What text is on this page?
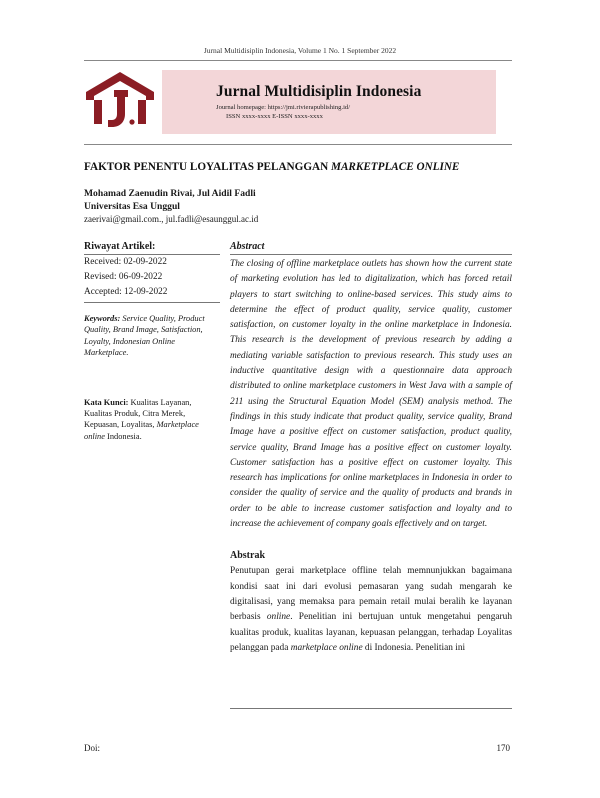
Jurnal Multidisiplin Indonesia, Volume 1 No. 1 September 2022
Jurnal Multidisiplin Indonesia
Journal homepage: https://jmi.rivierapublishing.id/
ISSN xxxx-xxxx E-ISSN xxxx-xxxx
FAKTOR PENENTU LOYALITAS PELANGGAN MARKETPLACE ONLINE
Mohamad Zaenudin Rivai, Jul Aidil Fadli
Universitas Esa Unggul
zaerivai@gmail.com., jul.fadli@esaunggul.ac.id
Riwayat Artikel:
Received: 02-09-2022
Revised: 06-09-2022
Accepted: 12-09-2022
Keywords: Service Quality, Product Quality, Brand Image, Satisfaction, Loyalty, Indonesian Online Marketplace.
Kata Kunci: Kualitas Layanan, Kualitas Produk, Citra Merek, Kepuasan, Loyalitas, Marketplace online Indonesia.
Abstract

The closing of offline marketplace outlets has shown how the current state of marketing evolution has led to digitalization, which has forced retail players to start switching to online-based services. This study aims to determine the effect of product quality, service quality, customer satisfaction, on customer loyalty in the online marketplace in Indonesia. This research is the development of previous research by adding a mediating variable satisfaction to previous research. This study uses an inductive quantitative design with a questionnaire data approach distributed to online marketplace customers in West Java with a sample of 211 using the Structural Equation Model (SEM) analysis method. The findings in this study indicate that product quality, service quality, Brand Image have a positive effect on customer satisfaction, product quality, service quality, Brand Image has a positive effect on customer loyalty. Customer satisfaction has a positive effect on customer loyalty. This research has implications for online marketplaces in Indonesia in order to consider the quality of service and the quality of products and brands in order to be able to increase customer satisfaction and loyalty and to increase the achievement of company goals effectively and on target.

Abstrak

Penutupan gerai marketplace offline telah memnunjukkan bagaimana kondisi saat ini dari evolusi pemasaran yang sudah mengarah ke digitalisasi, yang memaksa para pemain retail mulai beralih ke layanan berbasis online. Penelitian ini bertujuan untuk mengetahui pengaruh kualitas produk, kualitas layanan, kepuasan pelanggan, terhadap Loyalitas pelanggan pada marketplace online di Indonesia. Penelitian ini

Doi:	170
